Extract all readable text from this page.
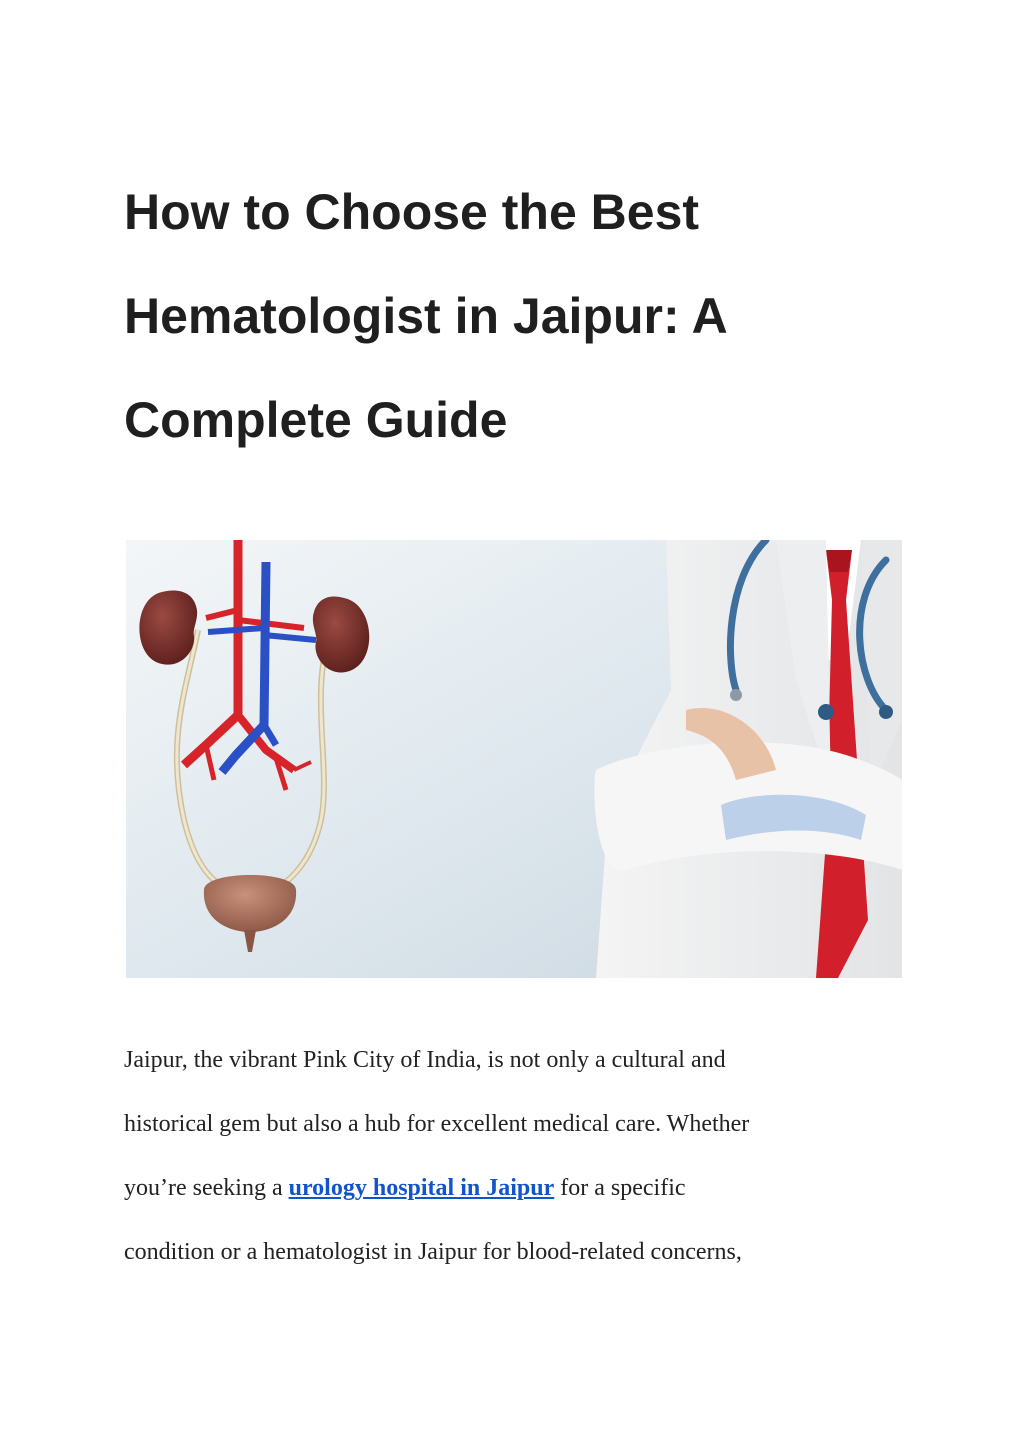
How to Choose the Best
Hematologist in Jaipur: A
Complete Guide

Jaipur, the vibrant Pink City of India, is not only a cultural and
historical gem but also a hub for excellent medical care. Whether
you’re seeking a urology hospital in Jaipur for a specific
condition or a hematologist in Jaipur for blood-related concerns,
